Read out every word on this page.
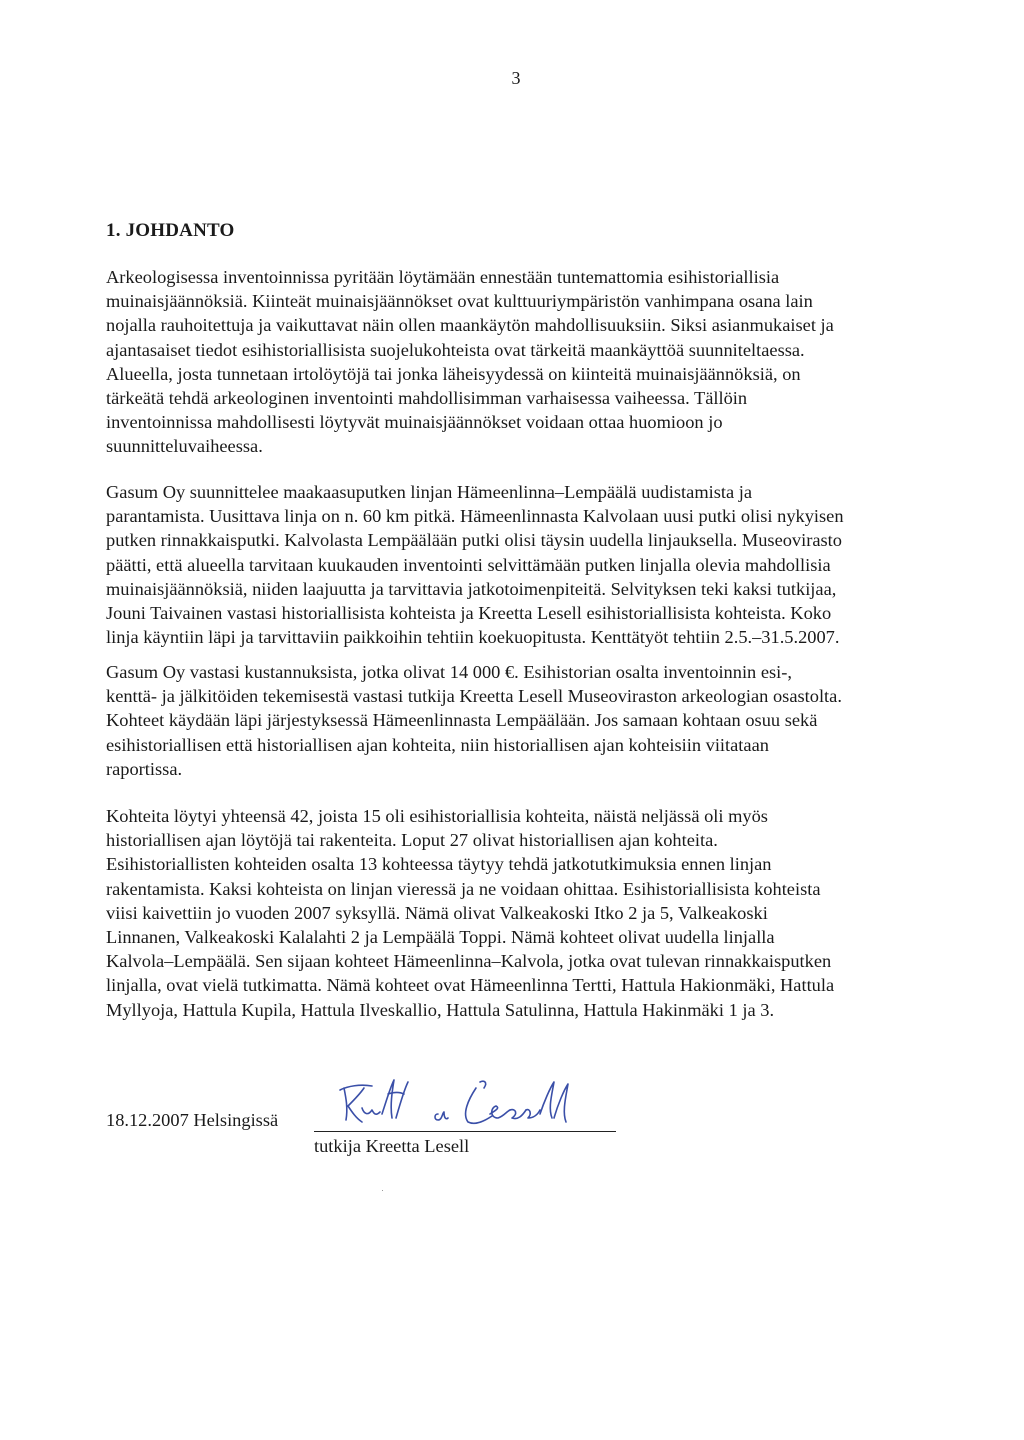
3
1. JOHDANTO
Arkeologisessa inventoinnissa pyritään löytämään ennestään tuntemattomia esihistoriallisia
muinaisjäännöksiä. Kiinteät muinaisjäännökset ovat kulttuuriympäristön vanhimpana osana lain
nojalla rauhoitettuja ja vaikuttavat näin ollen maankäytön mahdollisuuksiin. Siksi asianmukaiset ja
ajantasaiset tiedot esihistoriallisista suojelukohteista ovat tärkeitä maankäyttöä suunniteltaessa.
Alueella, josta tunnetaan irtolöytöjä tai jonka läheisyydessä on kiinteitä muinaisjäännöksiä, on
tärkeätä tehdä arkeologinen inventointi mahdollisimman varhaisessa vaiheessa. Tällöin
inventoinnissa mahdollisesti löytyvät muinaisjäännökset voidaan ottaa huomioon jo
suunnitteluvaiheessa.
Gasum Oy suunnittelee maakaasuputken linjan Hämeenlinna–Lempäälä uudistamista ja
parantamista. Uusittava linja on n. 60 km pitkä. Hämeenlinnasta Kalvolaan uusi putki olisi nykyisen
putken rinnakkaisputki. Kalvolasta Lempäälään putki olisi täysin uudella linjauksella. Museovirasto
päätti, että alueella tarvitaan kuukauden inventointi selvittämään putken linjalla olevia mahdollisia
muinaisjäännöksiä, niiden laajuutta ja tarvittavia jatkotoimenpiteitä. Selvityksen teki kaksi tutkijaa,
Jouni Taivainen vastasi historiallisista kohteista ja Kreetta Lesell esihistoriallisista kohteista. Koko
linja käyntiin läpi ja tarvittaviin paikkoihin tehtiin koekuopitusta. Kenttätyöt tehtiin 2.5.–31.5.2007.
Gasum Oy vastasi kustannuksista, jotka olivat 14 000 €. Esihistorian osalta inventoinnin esi-,
kenttä- ja jälkitöiden tekemisestä vastasi tutkija Kreetta Lesell Museoviraston arkeologian osastolta.
Kohteet käydään läpi järjestyksessä Hämeenlinnasta Lempäälään. Jos samaan kohtaan osuu sekä
esihistoriallisen että historiallisen ajan kohteita, niin historiallisen ajan kohteisiin viitataan
raportissa.
Kohteita löytyi yhteensä 42, joista 15 oli esihistoriallisia kohteita, näistä neljässä oli myös
historiallisen ajan löytöjä tai rakenteita. Loput 27 olivat historiallisen ajan kohteita.
Esihistoriallisten kohteiden osalta 13 kohteessa täytyy tehdä jatkotutkimuksia ennen linjan
rakentamista. Kaksi kohteista on linjan vieressä ja ne voidaan ohittaa. Esihistoriallisista kohteista
viisi kaivettiin jo vuoden 2007 syksyllä. Nämä olivat Valkeakoski Itko 2 ja 5, Valkeakoski
Linnanen, Valkeakoski Kalalahti 2 ja Lempäälä Toppi. Nämä kohteet olivat uudella linjalla
Kalvola–Lempäälä. Sen sijaan kohteet Hämeenlinna–Kalvola, jotka ovat tulevan rinnakkaisputken
linjalla, ovat vielä tutkimatta. Nämä kohteet ovat Hämeenlinna Tertti, Hattula Hakionmäki, Hattula
Myllyoja, Hattula Kupila, Hattula Ilveskallio, Hattula Satulinna, Hattula Hakinmäki 1 ja 3.
18.12.2007 Helsingissä
tutkija Kreetta Lesell
